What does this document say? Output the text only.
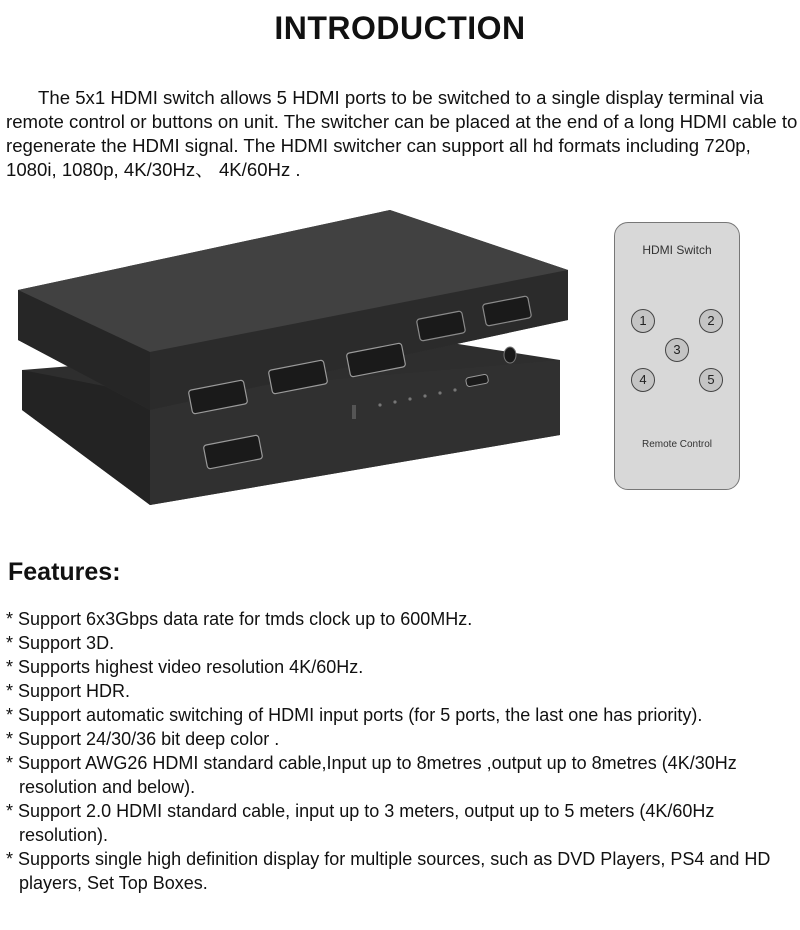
INTRODUCTION

The 5x1 HDMI switch allows 5 HDMI ports to be switched to a single display terminal via remote control or buttons on unit. The switcher can be placed at the end of a long HDMI cable to regenerate the HDMI signal. The HDMI switcher can support all hd formats including 720p, 1080i, 1080p, 4K/30Hz、 4K/60Hz .

HDMI Switch
1	2
3
4	5
Remote Control
Features:
* Support 6x3Gbps data rate for tmds clock up to 600MHz.
* Support 3D.
* Supports highest video resolution 4K/60Hz.
* Support HDR.
* Support automatic switching of HDMI input ports (for 5 ports, the last one has priority).
* Support 24/30/36 bit deep color .
* Support AWG26 HDMI standard cable,Input up to 8metres ,output up to 8metres (4K/30Hz resolution and below).
* Support 2.0 HDMI standard cable, input up to 3 meters, output up to 5 meters (4K/60Hz resolution).
* Supports single high definition display for multiple sources, such as DVD Players, PS4 and HD players, Set Top Boxes.
